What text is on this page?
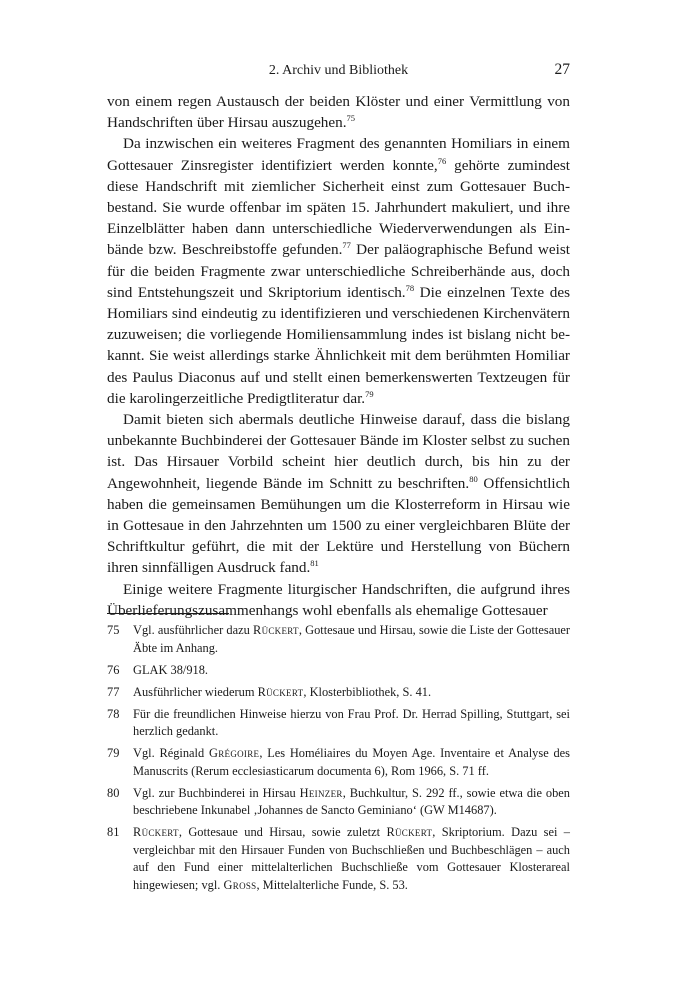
2. Archiv und Bibliothek	27

von einem regen Austausch der beiden Klöster und einer Vermittlung von Handschriften über Hirsau auszugehen.$^{75}$

Da inzwischen ein weiteres Fragment des genannten Homiliars in einem Gottesauer Zinsregister identifiziert werden konnte,$^{76}$ gehörte zumindest diese Handschrift mit ziemlicher Sicherheit einst zum Gottesauer Buchbestand. Sie wurde offenbar im späten 15. Jahrhundert makuliert, und ihre Einzelblätter haben dann unterschiedliche Wiederverwendungen als Einbände bzw. Beschreibstoffe gefunden.$^{77}$ Der paläographische Befund weist für die beiden Fragmente zwar unterschiedliche Schreiberhände aus, doch sind Entstehungszeit und Skriptorium identisch.$^{78}$ Die einzelnen Texte des Homiliars sind eindeutig zu identifizieren und verschiedenen Kirchenvätern zuzuweisen; die vorliegende Homiliensammlung indes ist bislang nicht bekannt. Sie weist allerdings starke Ähnlichkeit mit dem berühmten Homiliar des Paulus Diaconus auf und stellt einen bemerkenswerten Textzeugen für die karolingerzeitliche Predigtliteratur dar.$^{79}$

Damit bieten sich abermals deutliche Hinweise darauf, dass die bislang unbekannte Buchbinderei der Gottesauer Bände im Kloster selbst zu suchen ist. Das Hirsauer Vorbild scheint hier deutlich durch, bis hin zu der Angewohnheit, liegende Bände im Schnitt zu beschriften.$^{80}$ Offensichtlich haben die gemeinsamen Bemühungen um die Klosterreform in Hirsau wie in Gottesaue in den Jahrzehnten um 1500 zu einer vergleichbaren Blüte der Schriftkultur geführt, die mit der Lektüre und Herstellung von Büchern ihren sinnfälligen Ausdruck fand.$^{81}$

Einige weitere Fragmente liturgischer Handschriften, die aufgrund ihres Überlieferungszusammenhangs wohl ebenfalls als ehemalige Gottesauer

75 Vgl. ausführlicher dazu Rückert, Gottesaue und Hirsau, sowie die Liste der Gottesauer Äbte im Anhang.
76 GLAK 38/918.
77 Ausführlicher wiederum Rückert, Klosterbibliothek, S. 41.
78 Für die freundlichen Hinweise hierzu von Frau Prof. Dr. Herrad Spilling, Stuttgart, sei herzlich gedankt.
79 Vgl. Réginald Grégoire, Les Homéliaires du Moyen Age. Inventaire et Analyse des Manuscrits (Rerum ecclesiasticarum documenta 6), Rom 1966, S. 71 ff.
80 Vgl. zur Buchbinderei in Hirsau Heinzer, Buchkultur, S. 292 ff., sowie etwa die oben beschriebene Inkunabel ‚Johannes de Sancto Geminiano‘ (GW M14687).
81 Rückert, Gottesaue und Hirsau, sowie zuletzt Rückert, Skriptorium. Dazu sei – vergleichbar mit den Hirsauer Funden von Buchschließen und Buchbeschlägen – auch auf den Fund einer mittelalterlichen Buchschließe vom Gottesauer Klosterareal hingewiesen; vgl. Gross, Mittelalterliche Funde, S. 53.
